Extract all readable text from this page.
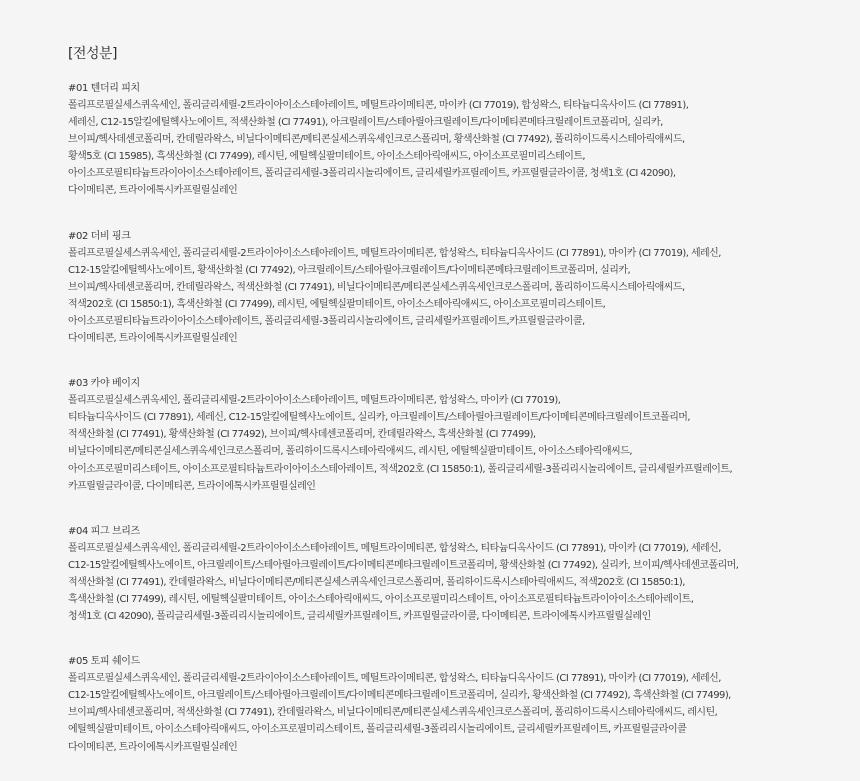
[전성분]
#01 텐더리 피치
폴리프로필실세스퀴옥세인, 폴리글리세릴-2트라이아이소스테아레이트, 메틸트라이메티콘, 마이카 (CI 77019), 합성왁스, 티타늄디옥사이드 (CI 77891),
세레신, C12-15알킬에틸헥사노에이트, 적색산화철 (CI 77491), 아크릴레이트/스테아릴아크릴레이트/다이메티콘메타크릴레이트코폴리머, 실리카,
브이피/헥사데센코폴리머, 칸데릴라왁스, 비닐다이메티콘/메티콘실세스퀴옥세인크로스폴리머, 황색산화철 (CI 77492), 폴리하이드록시스테아릭애씨드,
황색5호 (CI 15985), 흑색산화철 (CI 77499), 레시틴, 에틸헥실팔미테이트, 아이소스테아릭애씨드, 아이소프로필미리스테이트,
아이소프로필티타늄트라이아이소스테아레이트, 폴리글리세릴-3폴리리시놀리에이트, 글리세릴카프릴레이트, 카프릴릴글라이콜, 청색1호 (CI 42090),
다이메티콘, 트라이에톡시카프릴릴실레인
#02 더비 핑크
폴리프로필실세스퀴옥세인, 폴리글리세릴-2트라이아이소스테아레이트, 메틸트라이메티콘, 합성왁스, 티타늄디옥사이드 (CI 77891), 마이카 (CI 77019), 세레신,
C12-15알킬에틸헥사노에이트, 황색산화철 (CI 77492), 아크릴레이트/스테아릴아크릴레이트/다이메티콘메타크릴레이트코폴리머, 실리카,
브이피/헥사데센코폴리머, 칸데릴라왁스, 적색산화철 (CI 77491), 비닐다이메티콘/메티콘실세스퀴옥세인크로스폴리머, 폴리하이드록시스테아릭애씨드,
적색202호 (CI 15850:1), 흑색산화철 (CI 77499), 레시틴, 에틸헥실팔미테이트, 아이소스테아릭애씨드, 아이소프로필미리스테이트,
아이소프로필티타늄트라이아이소스테아레이트, 폴리글리세릴-3폴리리시놀리에이트, 글리세릴카프릴레이트,카프릴릴글라이콜,
다이메티콘, 트라이에톡시카프릴릴실레인
#03 카야 베이지
폴리프로필실세스퀴옥세인, 폴리글리세릴-2트라이아이소스테아레이트, 메틸트라이메티콘, 합성왁스, 마이카 (CI 77019),
티타늄디옥사이드 (CI 77891), 세레신, C12-15알킬에틸헥사노에이트, 실리카, 아크릴레이트/스테아릴아크릴레이트/다이메티콘메타크릴레이트코폴리머,
적색산화철 (CI 77491), 황색산화철 (CI 77492), 브이피/헥사데센코폴리머, 칸데릴라왁스, 흑색산화철 (CI 77499),
비닐다이메티콘/메티콘실세스퀴옥세인크로스폴리머, 폴리하이드록시스테아릭애씨드, 레시틴, 에틸헥실팔미테이트, 아이소스테아릭애씨드,
아이소프로필미리스테이트, 아이소프로필티타늄트라이아이소스테아레이트, 적색202호 (CI 15850:1), 폴리글리세릴-3폴리리시놀리에이트, 글리세릴카프릴레이트,
카프릴릴글라이콜, 다이메티콘, 트라이에톡시카프릴릴실레인
#04 피그 브리즈
폴리프로필실세스퀴옥세인, 폴리글리세릴-2트라이아이소스테아레이트, 메틸트라이메티콘, 합성왁스, 티타늄디옥사이드 (CI 77891), 마이카 (CI 77019), 세레신,
C12-15알킬에틸헥사노에이트, 아크릴레이트/스테아릴아크릴레이트/다이메티콘메타크릴레이트코폴리머, 황색산화철 (CI 77492), 실리카, 브이피/헥사데센코폴리머,
적색산화철 (CI 77491), 칸데릴라왁스, 비닐다이메티콘/메티콘실세스퀴옥세인크로스폴리머, 폴리하이드록시스테아릭애씨드, 적색202호 (CI 15850:1),
흑색산화철 (CI 77499), 레시틴, 에틸헥실팔미테이트, 아이소스테아릭애씨드, 아이소프로필미리스테이트, 아이소프로필티타늄트라이아이소스테아레이트,
청색1호 (CI 42090), 폴리글리세릴-3폴리리시놀리에이트, 글리세릴카프릴레이트, 카프릴릴글라이콜, 다이메티콘, 트라이에톡시카프릴릴실레인
#05 토피 쉐이드
폴리프로필실세스퀴옥세인, 폴리글리세릴-2트라이아이소스테아레이트, 메틸트라이메티콘, 합성왁스, 티타늄디옥사이드 (CI 77891), 마이카 (CI 77019), 세레신,
C12-15알킬에틸헥사노에이트, 아크릴레이트/스테아릴아크릴레이트/다이메티콘메타크릴레이트코폴리머, 실리카, 황색산화철 (CI 77492), 흑색산화철 (CI 77499),
브이피/헥사데센코폴리머, 적색산화철 (CI 77491), 칸데릴라왁스, 비닐다이메티콘/메티콘실세스퀴옥세인크로스폴리머, 폴리하이드록시스테아릭애씨드, 레시틴,
에틸헥실팔미테이트, 아이소스테아릭애씨드, 아이소프로필미리스테이트, 폴리글리세릴-3폴리리시놀리에이트, 글리세릴카프릴레이트, 카프릴릴글라이콜
다이메티콘, 트라이에톡시카프릴릴실레인
